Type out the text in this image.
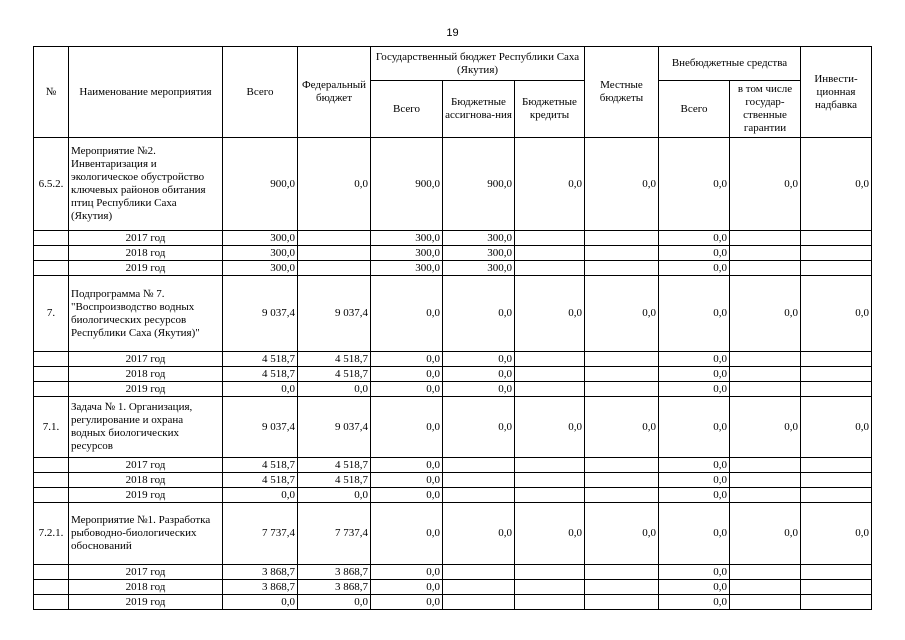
19
№	Наименование мероприятия	Всего	Федеральный бюджет	Государственный бюджет Республики Саха (Якутия)			Местные бюджеты	Внебюджетные средства		Инвести-ционная надбавка
				Всего	Бюджетные ассигнова-ния	Бюджетные кредиты		Всего	в том числе государ-ственные гарантии	
6.5.2.	Мероприятие №2. Инвентаризация и экологическое обустройство ключевых районов обитания птиц Республики Саха (Якутия)	900,0	0,0	900,0	900,0	0,0	0,0	0,0	0,0	0,0
	2017 год	300,0		300,0	300,0			0,0		
	2018 год	300,0		300,0	300,0			0,0		
	2019 год	300,0		300,0	300,0			0,0		
7.	Подпрограмма № 7. "Воспроизводство водных биологических ресурсов Республики Саха (Якутия)"	9 037,4	9 037,4	0,0	0,0	0,0	0,0	0,0	0,0	0,0
	2017 год	4 518,7	4 518,7	0,0	0,0			0,0		
	2018 год	4 518,7	4 518,7	0,0	0,0			0,0		
	2019 год	0,0	0,0	0,0	0,0			0,0		
7.1.	Задача № 1. Организация, регулирование и охрана водных биологических ресурсов	9 037,4	9 037,4	0,0	0,0	0,0	0,0	0,0	0,0	0,0
	2017 год	4 518,7	4 518,7	0,0				0,0		
	2018 год	4 518,7	4 518,7	0,0				0,0		
	2019 год	0,0	0,0	0,0				0,0		
7.2.1.	Мероприятие №1. Разработка рыбоводно-биологических обоснований	7 737,4	7 737,4	0,0	0,0	0,0	0,0	0,0	0,0	0,0
	2017 год	3 868,7	3 868,7	0,0				0,0		
	2018 год	3 868,7	3 868,7	0,0				0,0		
	2019 год	0,0	0,0	0,0				0,0		
